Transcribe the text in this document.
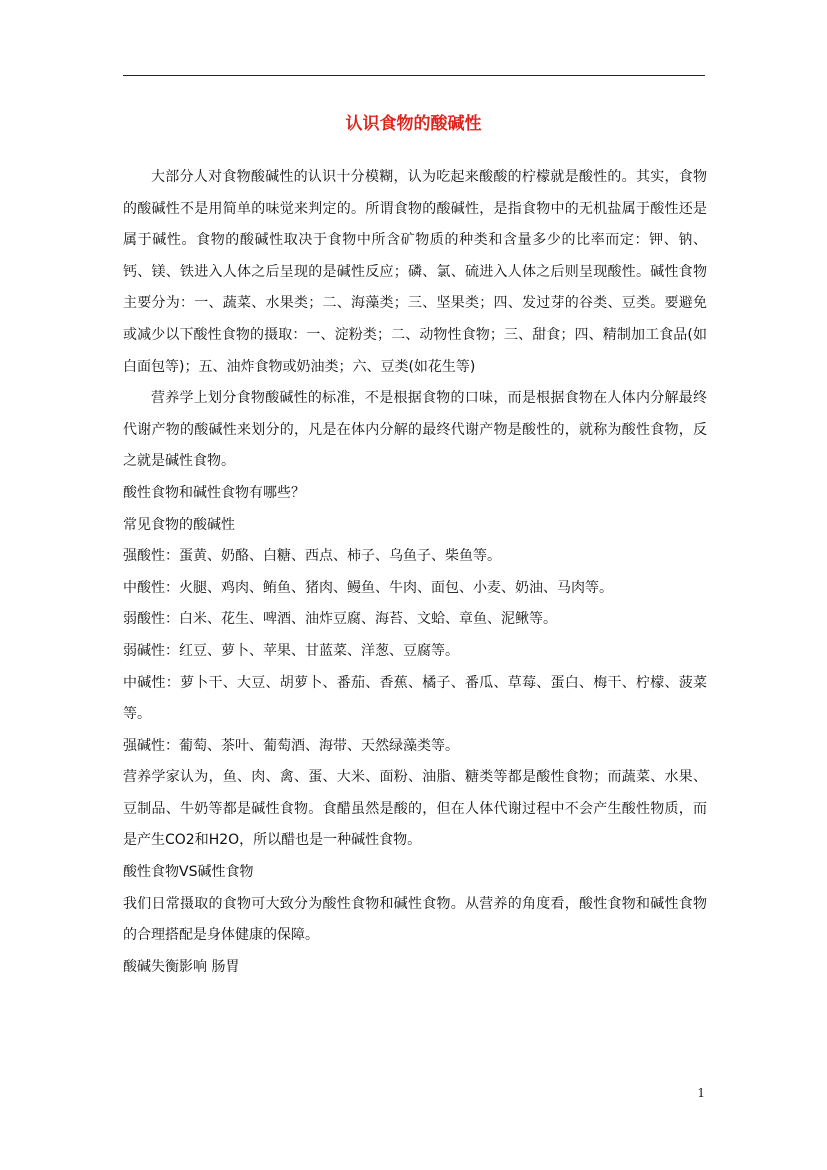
认识食物的酸碱性

大部分人对食物酸碱性的认识十分模糊，认为吃起来酸酸的柠檬就是酸性的。其实，食物的酸碱性不是用简单的味觉来判定的。所谓食物的酸碱性，是指食物中的无机盐属于酸性还是属于碱性。食物的酸碱性取决于食物中所含矿物质的种类和含量多少的比率而定：钾、钠、钙、镁、铁进入人体之后呈现的是碱性反应；磷、氯、硫进入人体之后则呈现酸性。碱性食物主要分为：一、蔬菜、水果类；二、海藻类；三、坚果类；四、发过芽的谷类、豆类。要避免或减少以下酸性食物的摄取：一、淀粉类；二、动物性食物；三、甜食；四、精制加工食品(如白面包等)；五、油炸食物或奶油类；六、豆类(如花生等)

营养学上划分食物酸碱性的标准，不是根据食物的口味，而是根据食物在人体内分解最终代谢产物的酸碱性来划分的，凡是在体内分解的最终代谢产物是酸性的，就称为酸性食物，反之就是碱性食物。

酸性食物和碱性食物有哪些？

常见食物的酸碱性

强酸性：蛋黄、奶酪、白糖、西点、柿子、乌鱼子、柴鱼等。

中酸性：火腿、鸡肉、鲔鱼、猪肉、鳗鱼、牛肉、面包、小麦、奶油、马肉等。

弱酸性：白米、花生、啤酒、油炸豆腐、海苔、文蛤、章鱼、泥鳅等。

弱碱性：红豆、萝卜、苹果、甘蓝菜、洋葱、豆腐等。

中碱性：萝卜干、大豆、胡萝卜、番茄、香蕉、橘子、番瓜、草莓、蛋白、梅干、柠檬、菠菜等。

强碱性：葡萄、茶叶、葡萄酒、海带、天然绿藻类等。

营养学家认为，鱼、肉、禽、蛋、大米、面粉、油脂、糖类等都是酸性食物；而蔬菜、水果、豆制品、牛奶等都是碱性食物。食醋虽然是酸的，但在人体代谢过程中不会产生酸性物质，而是产生CO2和H2O，所以醋也是一种碱性食物。

酸性食物VS碱性食物

我们日常摄取的食物可大致分为酸性食物和碱性食物。从营养的角度看，酸性食物和碱性食物的合理搭配是身体健康的保障。

酸碱失衡影响 肠胃

1
